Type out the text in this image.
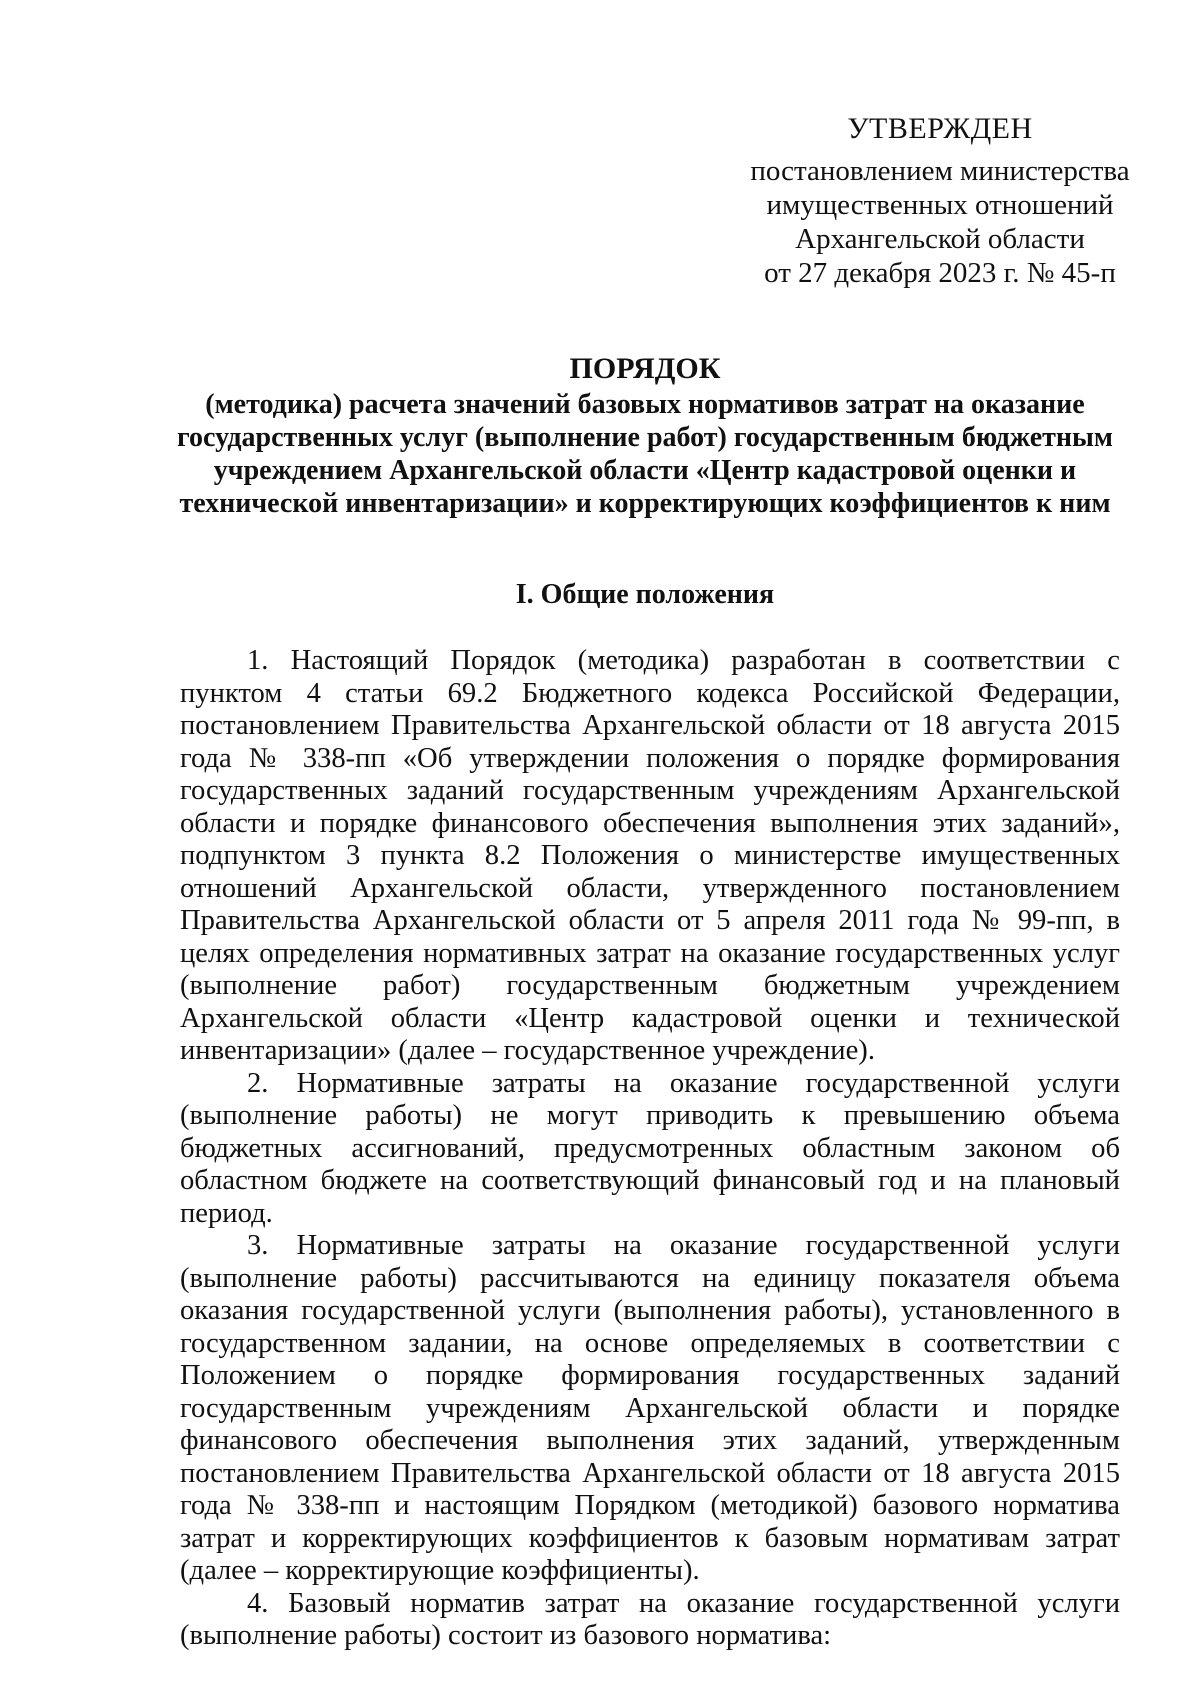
УТВЕРЖДЕН
постановлением министерства
имущественных отношений
Архангельской области
от 27 декабря 2023 г. № 45-п
ПОРЯДОК
(методика) расчета значений базовых нормативов затрат на оказание государственных услуг (выполнение работ) государственным бюджетным учреждением Архангельской области «Центр кадастровой оценки и технической инвентаризации» и корректирующих коэффициентов к ним
I. Общие положения

1. Настоящий Порядок (методика) разработан в соответствии с пунктом 4 статьи 69.2 Бюджетного кодекса Российской Федерации, постановлением Правительства Архангельской области от 18 августа 2015 года № 338-пп «Об утверждении положения о порядке формирования государственных заданий государственным учреждениям Архангельской области и порядке финансового обеспечения выполнения этих заданий», подпунктом 3 пункта 8.2 Положения о министерстве имущественных отношений Архангельской области, утвержденного постановлением Правительства Архангельской области от 5 апреля 2011 года № 99-пп, в целях определения нормативных затрат на оказание государственных услуг (выполнение работ) государственным бюджетным учреждением Архангельской области «Центр кадастровой оценки и технической инвентаризации» (далее – государственное учреждение).

2. Нормативные затраты на оказание государственной услуги (выполнение работы) не могут приводить к превышению объема бюджетных ассигнований, предусмотренных областным законом об областном бюджете на соответствующий финансовый год и на плановый период.

3. Нормативные затраты на оказание государственной услуги (выполнение работы) рассчитываются на единицу показателя объема оказания государственной услуги (выполнения работы), установленного в государственном задании, на основе определяемых в соответствии с Положением о порядке формирования государственных заданий государственным учреждениям Архангельской области и порядке финансового обеспечения выполнения этих заданий, утвержденным постановлением Правительства Архангельской области от 18 августа 2015 года № 338-пп и настоящим Порядком (методикой) базового норматива затрат и корректирующих коэффициентов к базовым нормативам затрат (далее – корректирующие коэффициенты).

4. Базовый норматив затрат на оказание государственной услуги (выполнение работы) состоит из базового норматива:
